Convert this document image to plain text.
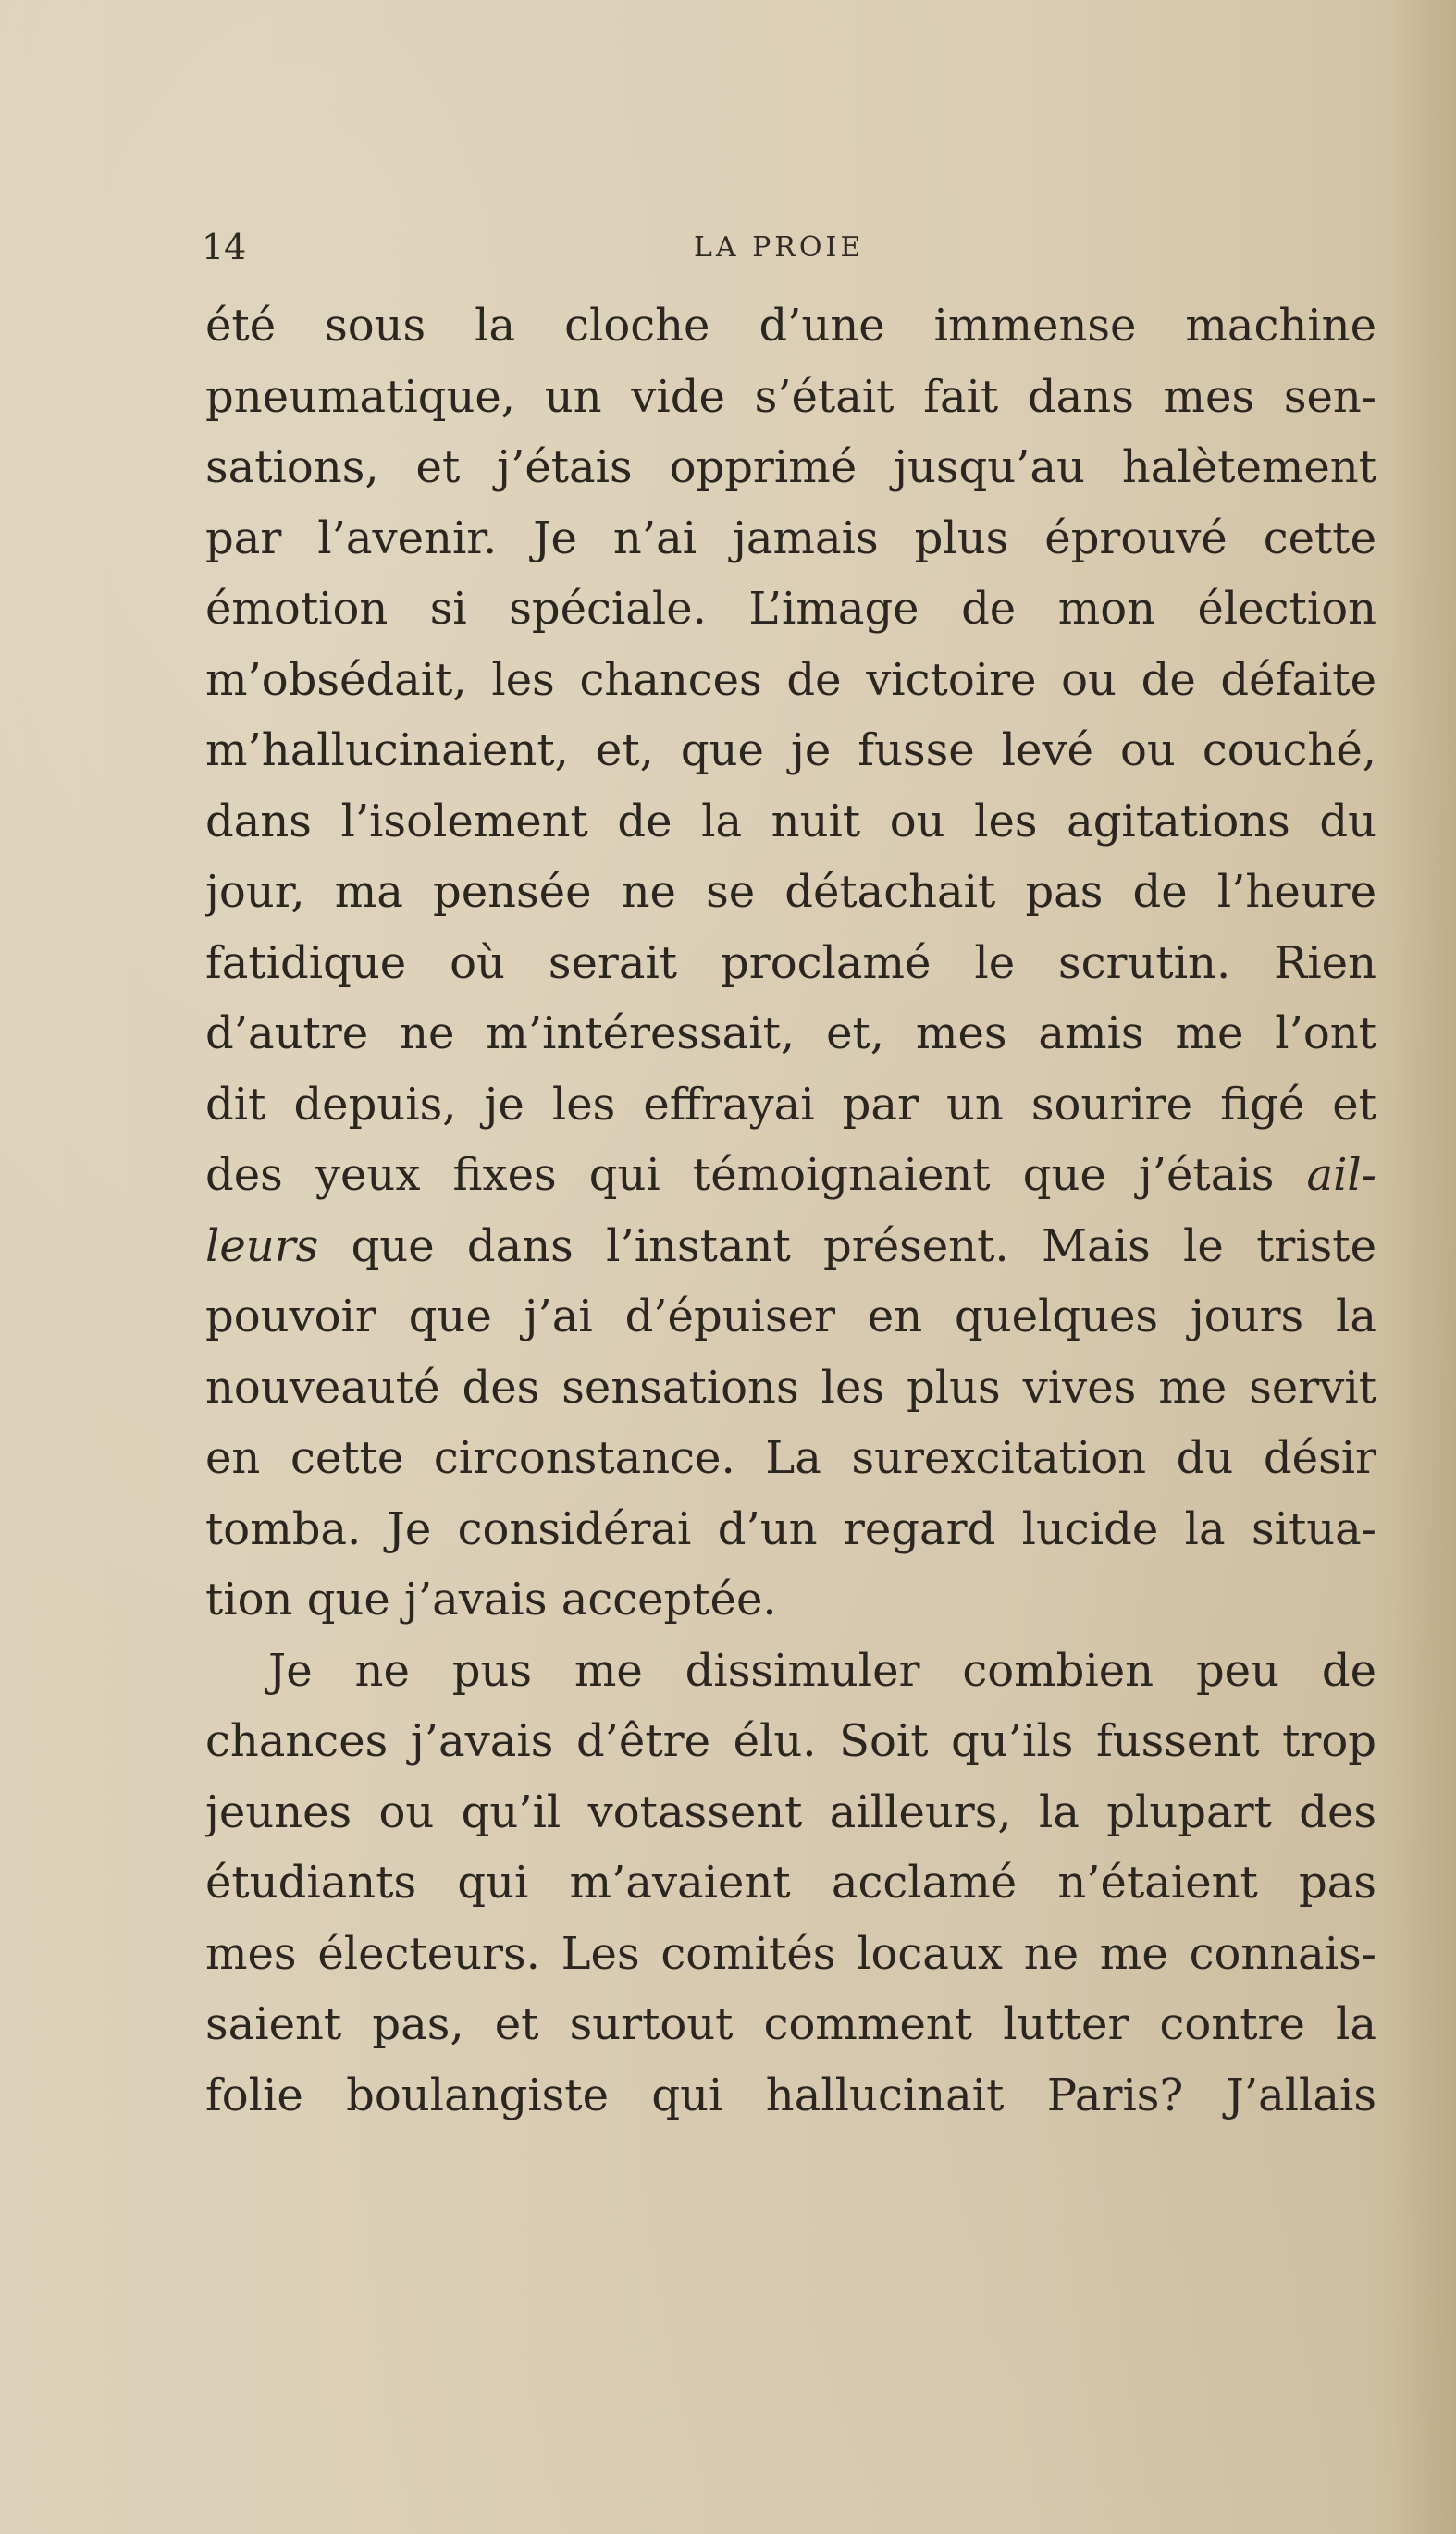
14	LA PROIE
été sous la cloche d’une immense machine
pneumatique, un vide s’était fait dans mes sen-
sations, et j’étais opprimé jusqu’au halètement
par l’avenir. Je n’ai jamais plus éprouvé cette
émotion si spéciale. L’image de mon élection
m’obsédait, les chances de victoire ou de défaite
m’hallucinaient, et, que je fusse levé ou couché,
dans l’isolement de la nuit ou les agitations du
jour, ma pensée ne se détachait pas de l’heure
fatidique où serait proclamé le scrutin. Rien
d’autre ne m’intéressait, et, mes amis me l’ont
dit depuis, je les effrayai par un sourire figé et
des yeux fixes qui témoignaient que j’étais ail-
leurs que dans l’instant présent. Mais le triste
pouvoir que j’ai d’épuiser en quelques jours la
nouveauté des sensations les plus vives me servit
en cette circonstance. La surexcitation du désir
tomba. Je considérai d’un regard lucide la situa-
tion que j’avais acceptée.
Je ne pus me dissimuler combien peu de
chances j’avais d’être élu. Soit qu’ils fussent trop
jeunes ou qu’il votassent ailleurs, la plupart des
étudiants qui m’avaient acclamé n’étaient pas
mes électeurs. Les comités locaux ne me connais-
saient pas, et surtout comment lutter contre la
folie boulangiste qui hallucinait Paris? J’allais
